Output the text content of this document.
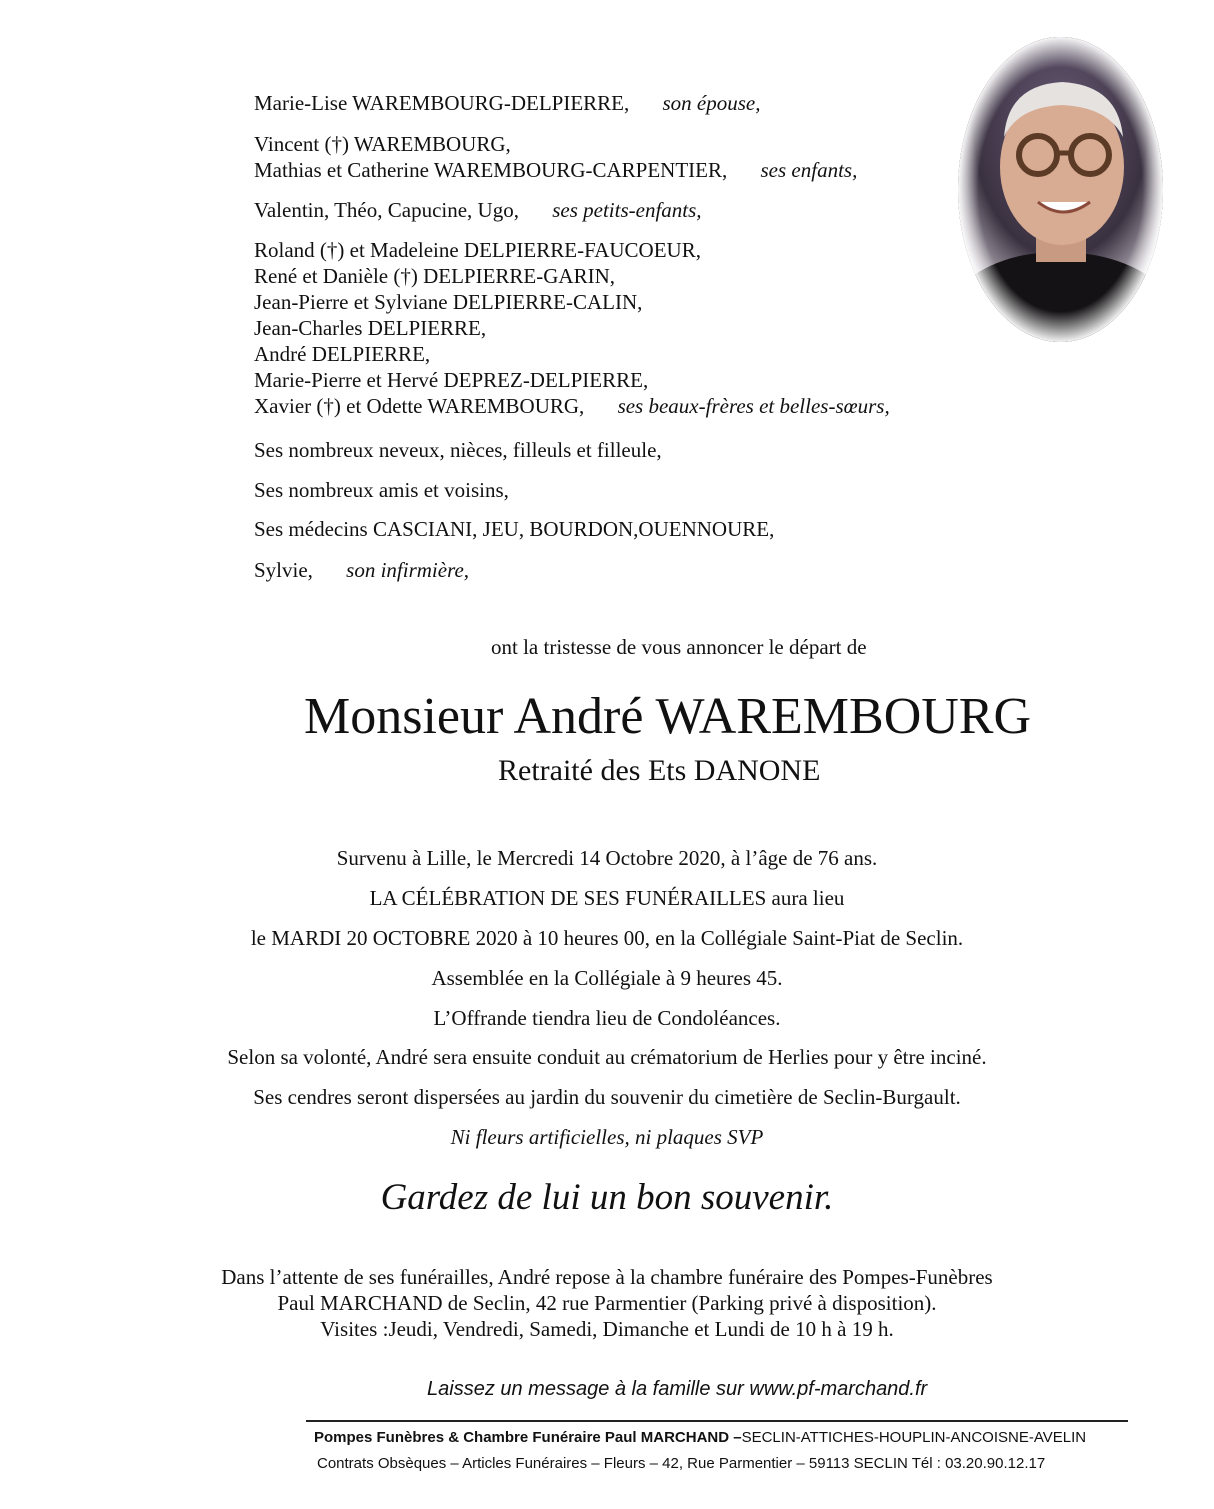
Marie-Lise WAREMBOURG-DELPIERRE, son épouse,
Vincent (†) WAREMBOURG,
Mathias et Catherine WAREMBOURG-CARPENTIER, ses enfants,
Valentin, Théo, Capucine, Ugo, ses petits-enfants,
Roland (†) et Madeleine DELPIERRE-FAUCOEUR,
René et Danièle (†) DELPIERRE-GARIN,
Jean-Pierre et Sylviane DELPIERRE-CALIN,
Jean-Charles DELPIERRE,
André DELPIERRE,
Marie-Pierre et Hervé DEPREZ-DELPIERRE,
Xavier (†) et Odette WAREMBOURG, ses beaux-frères et belles-sœurs,
Ses nombreux neveux, nièces, filleuls et filleule,
Ses nombreux amis et voisins,
Ses médecins CASCIANI, JEU, BOURDON,OUENNOURE,
Sylvie, son infirmière,
ont la tristesse de vous annoncer le départ de
Monsieur André WAREMBOURG
Retraité des Ets DANONE
Survenu à Lille, le Mercredi 14 Octobre 2020, à l’âge de 76 ans.
LA CÉLÉBRATION DE SES FUNÉRAILLES aura lieu
le MARDI 20 OCTOBRE 2020 à 10 heures 00, en la Collégiale Saint-Piat de Seclin.
Assemblée en la Collégiale à 9 heures 45.
L’Offrande tiendra lieu de Condoléances.
Selon sa volonté, André sera ensuite conduit au crématorium de Herlies pour y être inciné.
Ses cendres seront dispersées au jardin du souvenir du cimetière de Seclin-Burgault.
Ni fleurs artificielles, ni plaques SVP
Gardez de lui un bon souvenir.
Dans l’attente de ses funérailles, André repose à la chambre funéraire des Pompes-Funèbres
Paul MARCHAND de Seclin, 42 rue Parmentier (Parking privé à disposition).
Visites :Jeudi, Vendredi, Samedi, Dimanche et Lundi de 10 h à 19 h.
Laissez un message à la famille sur www.pf-marchand.fr
Pompes Funèbres & Chambre Funéraire Paul MARCHAND –SECLIN-ATTICHES-HOUPLIN-ANCOISNE-AVELIN
Contrats Obsèques – Articles Funéraires – Fleurs – 42, Rue Parmentier – 59113 SECLIN Tél : 03.20.90.12.17
